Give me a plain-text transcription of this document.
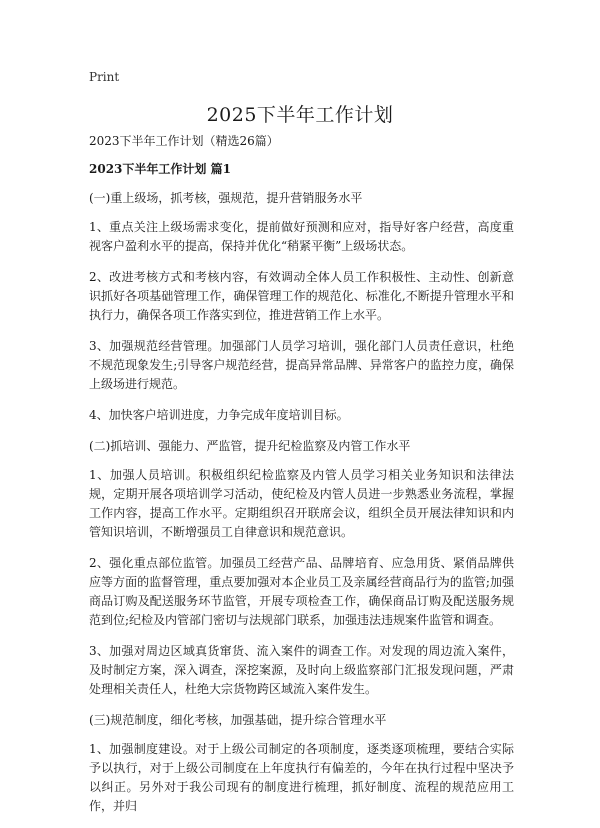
Print
2025下半年工作计划

2023下半年工作计划（精选26篇）

2023下半年工作计划 篇1

(一)重上级场，抓考核，强规范，提升营销服务水平

1、重点关注上级场需求变化，提前做好预测和应对，指导好客户经营，高度重视客户盈利水平的提高，保持并优化“稍紧平衡”上级场状态。

2、改进考核方式和考核内容，有效调动全体人员工作积极性、主动性、创新意识抓好各项基础管理工作，确保管理工作的规范化、标准化,不断提升管理水平和执行力，确保各项工作落实到位，推进营销工作上水平。

3、加强规范经营管理。加强部门人员学习培训，强化部门人员责任意识，杜绝不规范现象发生;引导客户规范经营，提高异常品牌、异常客户的监控力度，确保上级场进行规范。

4、加快客户培训进度，力争完成年度培训目标。

(二)抓培训、强能力、严监管，提升纪检监察及内管工作水平

1、加强人员培训。积极组织纪检监察及内管人员学习相关业务知识和法律法规，定期开展各项培训学习活动，使纪检及内管人员进一步熟悉业务流程，掌握工作内容，提高工作水平。定期组织召开联席会议，组织全员开展法律知识和内管知识培训，不断增强员工自律意识和规范意识。

2、强化重点部位监管。加强员工经营产品、品牌培育、应急用货、紧俏品牌供应等方面的监督管理，重点要加强对本企业员工及亲属经营商品行为的监管;加强商品订购及配送服务环节监管，开展专项检查工作，确保商品订购及配送服务规范到位;纪检及内管部门密切与法规部门联系，加强违法违规案件监管和调查。

3、加强对周边区域真货窜货、流入案件的调查工作。对发现的周边流入案件，及时制定方案，深入调查，深挖案源，及时向上级监察部门汇报发现问题，严肃处理相关责任人，杜绝大宗货物跨区域流入案件发生。

(三)规范制度，细化考核，加强基础，提升综合管理水平

1、加强制度建设。对于上级公司制定的各项制度，逐类逐项梳理，要结合实际予以执行，对于上级公司制度在上年度执行有偏差的，今年在执行过程中坚决予以纠正。另外对于我公司现有的制度进行梳理，抓好制度、流程的规范应用工作，并归
